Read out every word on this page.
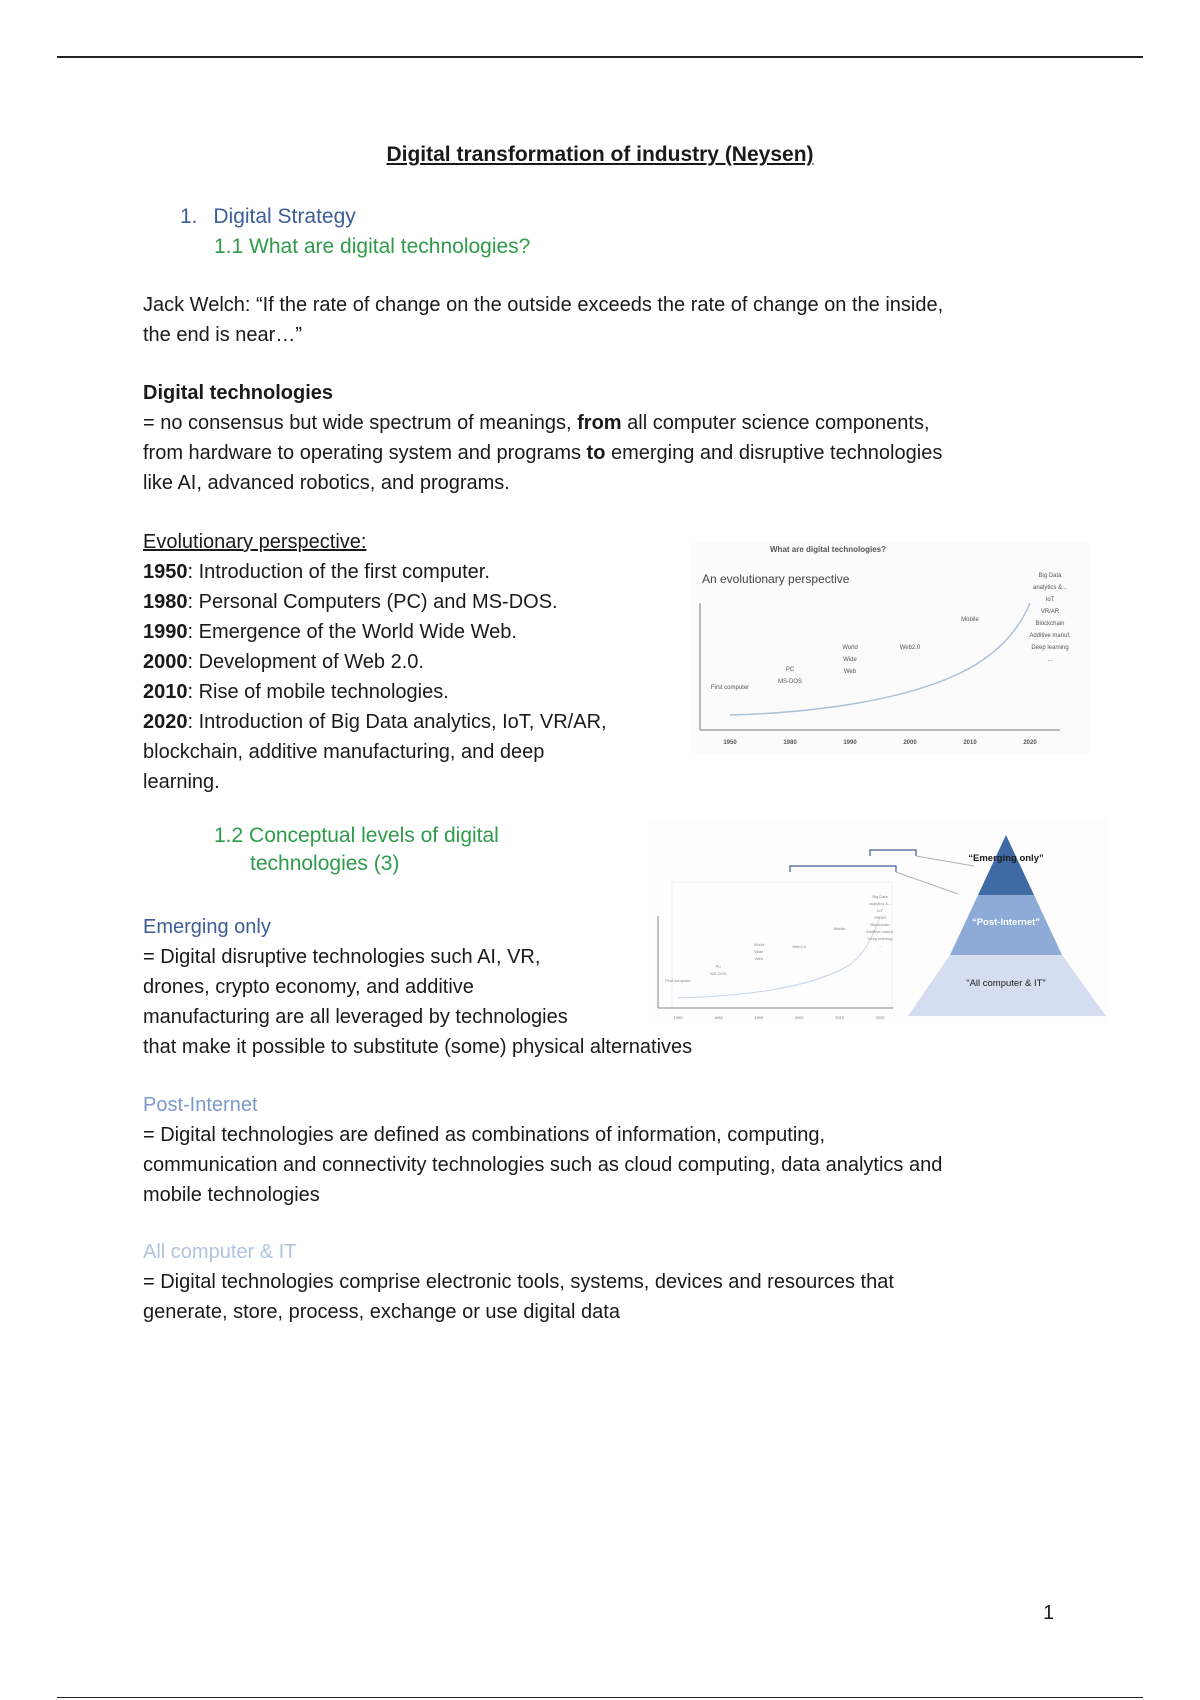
Digital transformation of industry (Neysen)
1. Digital Strategy
1.1 What are digital technologies?
Jack Welch: “If the rate of change on the outside exceeds the rate of change on the inside,
the end is near…”
Digital technologies
= no consensus but wide spectrum of meanings, from all computer science components,
from hardware to operating system and programs to emerging and disruptive technologies
like AI, advanced robotics, and programs.
Evolutionary perspective:
1950: Introduction of the first computer.
1980: Personal Computers (PC) and MS-DOS.
1990: Emergence of the World Wide Web.
2000: Development of Web 2.0.
2010: Rise of mobile technologies.
2020: Introduction of Big Data analytics, IoT, VR/AR,
blockchain, additive manufacturing, and deep
learning.
What are digital technologies?
An evolutionary perspective
1950	1980	1990	2000	2010	2020
First computer
PC
MS-DOS
World
Wide
Web
Web2.0
Mobile
Big Data
analytics &...
IoT
VR/AR
Blockchain
Additive manuf.
Deep learning
...
1.2 Conceptual levels of digital
technologies (3)
1950	1980	1990	2000	2010	2020
First computer
PC
MS-DOS
World
Wide
Web
Web2.0
Mobile
Big Data
analytics &...
IoT
VR/AR
Blockchain
Additive manuf.
Deep learning
...
“Emerging only”
“Post-Internet”
“All computer & IT”
Emerging only
= Digital disruptive technologies such AI, VR,
drones, crypto economy, and additive
manufacturing are all leveraged by technologies
that make it possible to substitute (some) physical alternatives
Post-Internet
= Digital technologies are defined as combinations of information, computing,
communication and connectivity technologies such as cloud computing, data analytics and
mobile technologies
All computer & IT
= Digital technologies comprise electronic tools, systems, devices and resources that
generate, store, process, exchange or use digital data
1
